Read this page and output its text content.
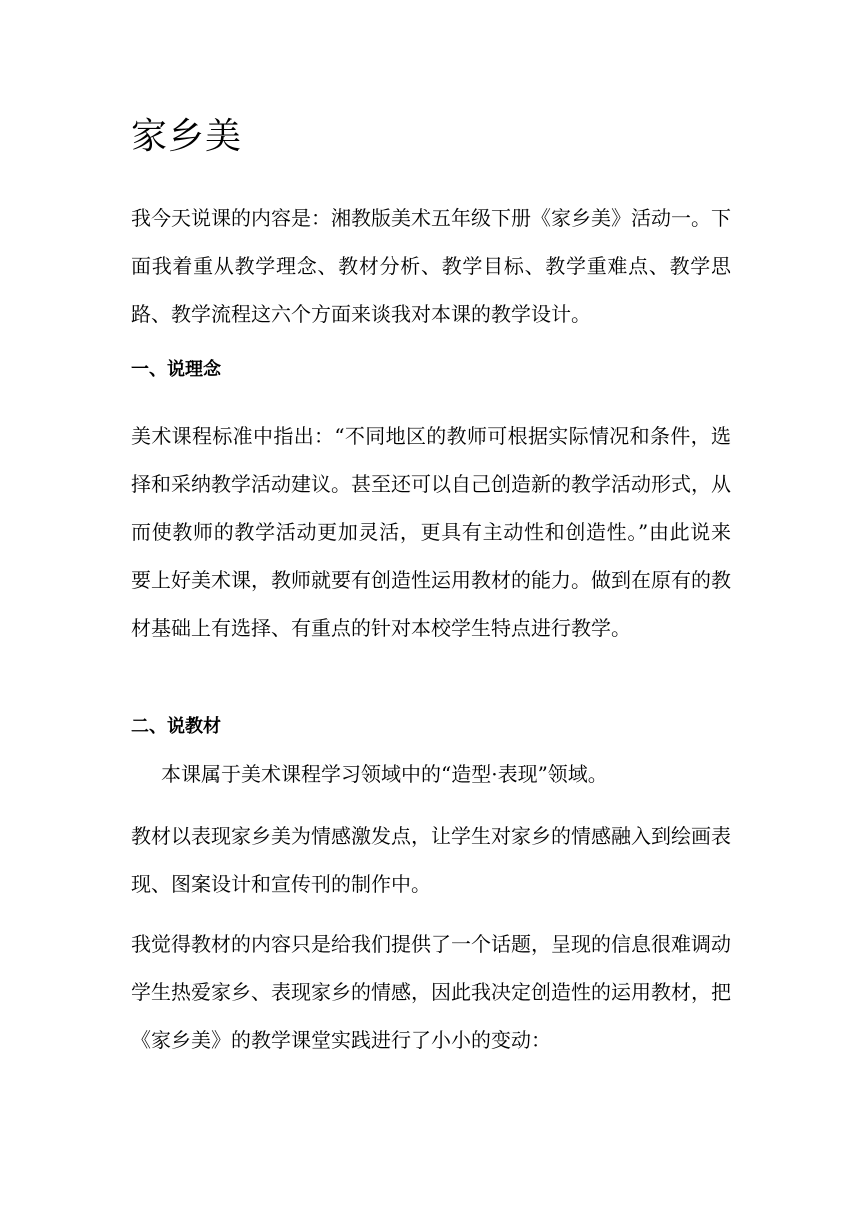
家乡美

我今天说课的内容是：湘教版美术五年级下册《家乡美》活动一。下面我着重从教学理念、教材分析、教学目标、教学重难点、教学思路、教学流程这六个方面来谈我对本课的教学设计。

一、说理念

美术课程标准中指出：“不同地区的教师可根据实际情况和条件，选择和采纳教学活动建议。甚至还可以自己创造新的教学活动形式，从而使教师的教学活动更加灵活，更具有主动性和创造性。”由此说来要上好美术课，教师就要有创造性运用教材的能力。做到在原有的教材基础上有选择、有重点的针对本校学生特点进行教学。

二、说教材

本课属于美术课程学习领域中的“造型·表现”领域。

教材以表现家乡美为情感激发点，让学生对家乡的情感融入到绘画表现、图案设计和宣传刊的制作中。

我觉得教材的内容只是给我们提供了一个话题，呈现的信息很难调动学生热爱家乡、表现家乡的情感，因此我决定创造性的运用教材，把《家乡美》的教学课堂实践进行了小小的变动：
